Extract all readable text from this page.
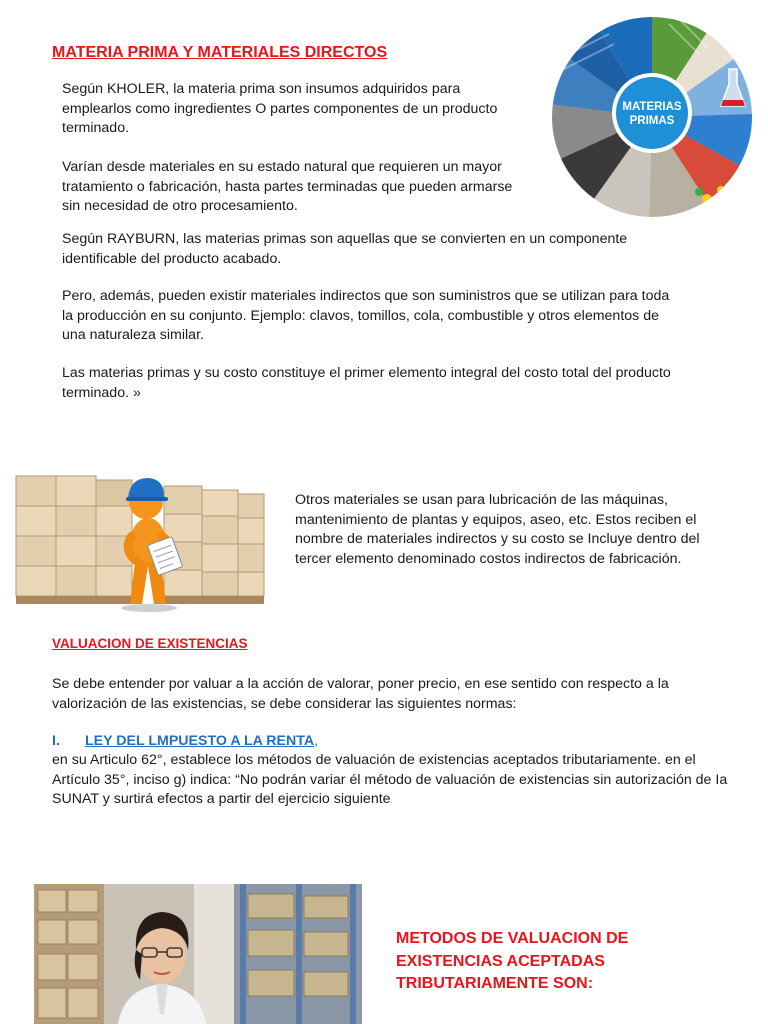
MATERIA PRIMA Y MATERIALES DIRECTOS
Según KHOLER, la materia prima son insumos adquiridos para emplearlos como ingredientes O partes componentes de un producto terminado.
Varían desde materiales en su estado natural que requieren un mayor tratamiento o fabricación, hasta partes terminadas que pueden armarse sin necesidad de otro procesamiento.
Según RAYBURN, las materias primas son aquellas que se convierten en un componente identificable del producto acabado.
Pero, además, pueden existir materiales indirectos que son suministros que se utilizan para toda la producción en su conjunto. Ejemplo: clavos, tomillos, cola, combustible y otros elementos de una naturaleza similar.
Las materias primas y su costo constituye el primer elemento integral del costo total del producto terminado. »
MATERIAS
PRIMAS
Otros materiales se usan para lubricación de las máquinas, mantenimiento de plantas y equipos, aseo, etc. Estos reciben el nombre de materiales indirectos y su costo se Incluye dentro del tercer elemento denominado costos indirectos de fabricación.
VALUACION DE EXISTENCIAS
Se debe entender por valuar a la acción de valorar, poner precio, en ese sentido con respecto a la valorización de las existencias, se debe considerar las siguientes normas:
I. LEY DEL LMPUESTO A LA RENTA,
en su Articulo 62°, establece los métodos de valuación de existencias aceptados tributariamente. en el Artículo 35°, inciso g) indica: “No podrán variar él método de valuación de existencias sin autorización de Ia SUNAT y surtirá efectos a partir del ejercicio siguiente
METODOS DE VALUACION DE EXISTENCIAS ACEPTADAS TRIBUTARIAMENTE SON:
